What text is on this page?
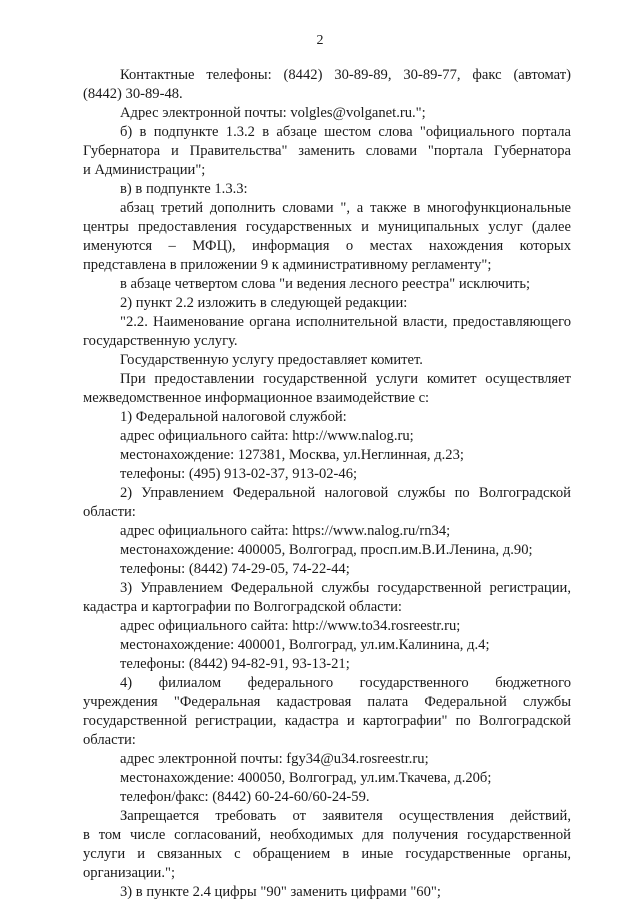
2
Контактные телефоны: (8442) 30-89-89, 30-89-77, факс (автомат)
(8442) 30-89-48.
Адрес электронной почты: volgles@volganet.ru.";
б) в подпункте 1.3.2 в абзаце шестом слова "официального портала
Губернатора и Правительства" заменить словами "портала Губернатора
и Администрации";
в) в подпункте 1.3.3:
абзац третий дополнить словами ", а также в многофункциональные
центры предоставления государственных и муниципальных услуг (далее
именуются – МФЦ), информация о местах нахождения которых
представлена в приложении 9 к административному регламенту";
в абзаце четвертом слова "и ведения лесного реестра" исключить;
2) пункт 2.2 изложить в следующей редакции:
"2.2. Наименование органа исполнительной власти, предоставляющего
государственную услугу.
Государственную услугу предоставляет комитет.
При предоставлении государственной услуги комитет осуществляет
межведомственное информационное взаимодействие с:
1) Федеральной налоговой службой:
адрес официального сайта: http://www.nalog.ru;
местонахождение: 127381, Москва, ул.Неглинная, д.23;
телефоны: (495) 913-02-37, 913-02-46;
2) Управлением Федеральной налоговой службы по Волгоградской
области:
адрес официального сайта: https://www.nalog.ru/rn34;
местонахождение: 400005, Волгоград, просп.им.В.И.Ленина, д.90;
телефоны: (8442) 74-29-05, 74-22-44;
3) Управлением Федеральной службы государственной регистрации,
кадастра и картографии по Волгоградской области:
адрес официального сайта: http://www.to34.rosreestr.ru;
местонахождение: 400001, Волгоград, ул.им.Калинина, д.4;
телефоны: (8442) 94-82-91, 93-13-21;
4) филиалом федерального государственного бюджетного
учреждения "Федеральная кадастровая палата Федеральной службы
государственной регистрации, кадастра и картографии" по Волгоградской
области:
адрес электронной почты: fgy34@u34.rosreestr.ru;
местонахождение: 400050, Волгоград, ул.им.Ткачева, д.20б;
телефон/факс: (8442) 60-24-60/60-24-59.
Запрещается требовать от заявителя осуществления действий,
в том числе согласований, необходимых для получения государственной
услуги и связанных с обращением в иные государственные органы,
организации.";
3) в пункте 2.4 цифры "90" заменить цифрами "60";
